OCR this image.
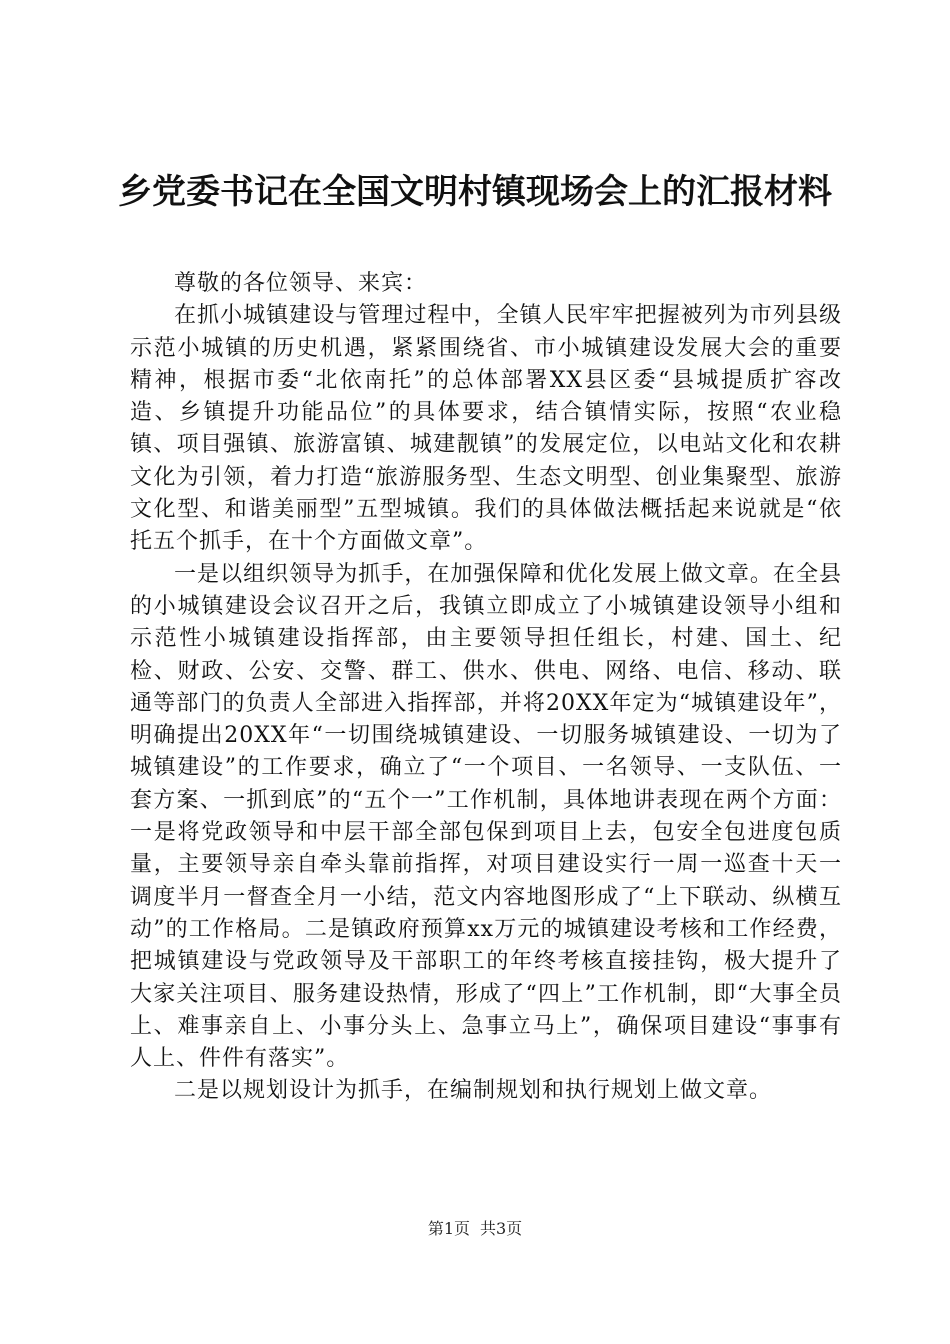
乡党委书记在全国文明村镇现场会上的汇报材料

尊敬的各位领导、来宾：

在抓小城镇建设与管理过程中，全镇人民牢牢把握被列为市列县级示范小城镇的历史机遇，紧紧围绕省、市小城镇建设发展大会的重要精神，根据市委“北依南托”的总体部署XX县区委“县城提质扩容改造、乡镇提升功能品位”的具体要求，结合镇情实际，按照“农业稳镇、项目强镇、旅游富镇、城建靓镇”的发展定位，以电站文化和农耕文化为引领，着力打造“旅游服务型、生态文明型、创业集聚型、旅游文化型、和谐美丽型”五型城镇。我们的具体做法概括起来说就是“依托五个抓手，在十个方面做文章”。

一是以组织领导为抓手，在加强保障和优化发展上做文章。在全县的小城镇建设会议召开之后，我镇立即成立了小城镇建设领导小组和示范性小城镇建设指挥部，由主要领导担任组长，村建、国土、纪检、财政、公安、交警、群工、供水、供电、网络、电信、移动、联通等部门的负责人全部进入指挥部，并将20XX年定为“城镇建设年”，明确提出20XX年“一切围绕城镇建设、一切服务城镇建设、一切为了城镇建设”的工作要求，确立了“一个项目、一名领导、一支队伍、一套方案、一抓到底”的“五个一”工作机制，具体地讲表现在两个方面：一是将党政领导和中层干部全部包保到项目上去，包安全包进度包质量，主要领导亲自牵头靠前指挥，对项目建设实行一周一巡查十天一调度半月一督查全月一小结，范文内容地图形成了“上下联动、纵横互动”的工作格局。二是镇政府预算xx万元的城镇建设考核和工作经费，把城镇建设与党政领导及干部职工的年终考核直接挂钩，极大提升了大家关注项目、服务建设热情，形成了“四上”工作机制，即“大事全员上、难事亲自上、小事分头上、急事立马上”，确保项目建设“事事有人上、件件有落实”。

二是以规划设计为抓手，在编制规划和执行规划上做文章。

第1页 共3页
